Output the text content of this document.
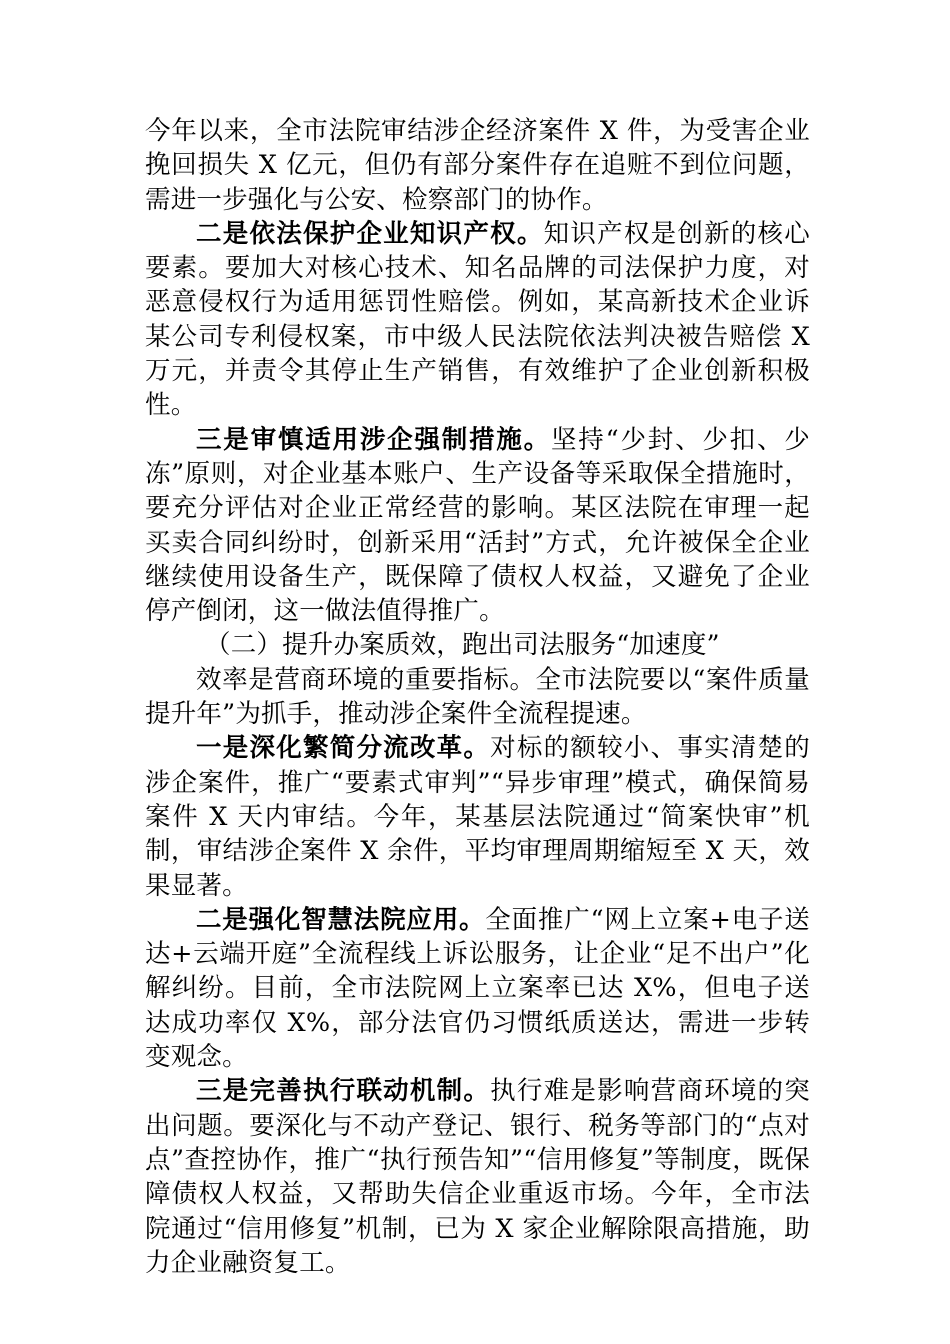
今年以来，全市法院审结涉企经济案件 X 件，为受害企业挽回损失 X 亿元，但仍有部分案件存在追赃不到位问题，需进一步强化与公安、检察部门的协作。

二是依法保护企业知识产权。知识产权是创新的核心要素。要加大对核心技术、知名品牌的司法保护力度，对恶意侵权行为适用惩罚性赔偿。例如，某高新技术企业诉某公司专利侵权案，市中级人民法院依法判决被告赔偿 X 万元，并责令其停止生产销售，有效维护了企业创新积极性。

三是审慎适用涉企强制措施。坚持“少封、少扣、少冻”原则，对企业基本账户、生产设备等采取保全措施时，要充分评估对企业正常经营的影响。某区法院在审理一起买卖合同纠纷时，创新采用“活封”方式，允许被保全企业继续使用设备生产，既保障了债权人权益，又避免了企业停产倒闭，这一做法值得推广。

（二）提升办案质效，跑出司法服务“加速度”

效率是营商环境的重要指标。全市法院要以“案件质量提升年”为抓手，推动涉企案件全流程提速。

一是深化繁简分流改革。对标的额较小、事实清楚的涉企案件，推广“要素式审判”“异步审理”模式，确保简易案件 X 天内审结。今年，某基层法院通过“简案快审”机制，审结涉企案件 X 余件，平均审理周期缩短至 X 天，效果显著。

二是强化智慧法院应用。全面推广“网上立案+电子送达+云端开庭”全流程线上诉讼服务，让企业“足不出户”化解纠纷。目前，全市法院网上立案率已达 X%，但电子送达成功率仅 X%，部分法官仍习惯纸质送达，需进一步转变观念。

三是完善执行联动机制。执行难是影响营商环境的突出问题。要深化与不动产登记、银行、税务等部门的“点对点”查控协作，推广“执行预告知”“信用修复”等制度，既保障债权人权益，又帮助失信企业重返市场。今年，全市法院通过“信用修复”机制，已为 X 家企业解除限高措施，助力企业融资复工。
